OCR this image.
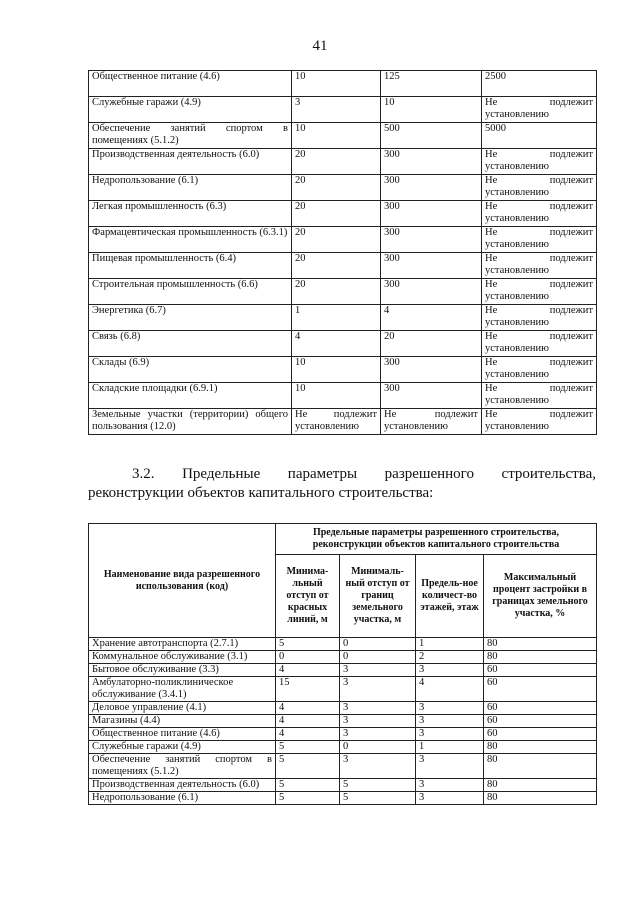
41
Общественное питание (4.6)	10	125	2500
Служебные гаражи (4.9)	3	10	Не подлежит установлению
Обеспечение занятий спортом в помещениях (5.1.2)	10	500	5000
Производственная деятельность (6.0)	20	300	Не подлежит установлению
Недропользование (6.1)	20	300	Не подлежит установлению
Легкая промышленность (6.3)	20	300	Не подлежит установлению
Фармацевтическая промышленность (6.3.1)	20	300	Не подлежит установлению
Пищевая промышленность (6.4)	20	300	Не подлежит установлению
Строительная промышленность (6.6)	20	300	Не подлежит установлению
Энергетика (6.7)	1	4	Не подлежит установлению
Связь (6.8)	4	20	Не подлежит установлению
Склады (6.9)	10	300	Не подлежит установлению
Складские площадки (6.9.1)	10	300	Не подлежит установлению
Земельные участки (территории) общего пользования (12.0)	Не подлежит установлению	Не подлежит установлению	Не подлежит установлению
3.2. Предельные параметры разрешенного строительства,
реконструкции объектов капитального строительства:
Наименование вида разрешенного использования (код)	Предельные параметры разрешенного строительства, реконструкции объектов капитального строительства			
	Минима-льный отступ от красных линий, м	Минималь-ный отступ от границ земельного участка, м	Предель-ное количест-во этажей, этаж	Максимальный процент застройки в границах земельного участка, %
Хранение автотранспорта (2.7.1)	5	0	1	80
Коммунальное обслуживание (3.1)	0	0	2	80
Бытовое обслуживание (3.3)	4	3	3	60
Амбулаторно-поликлиническое обслуживание (3.4.1)	15	3	4	60
Деловое управление (4.1)	4	3	3	60
Магазины (4.4)	4	3	3	60
Общественное питание (4.6)	4	3	3	60
Служебные гаражи (4.9)	5	0	1	80
Обеспечение занятий спортом в помещениях (5.1.2)	5	3	3	80
Производственная деятельность (6.0)	5	5	3	80
Недропользование (6.1)	5	5	3	80
